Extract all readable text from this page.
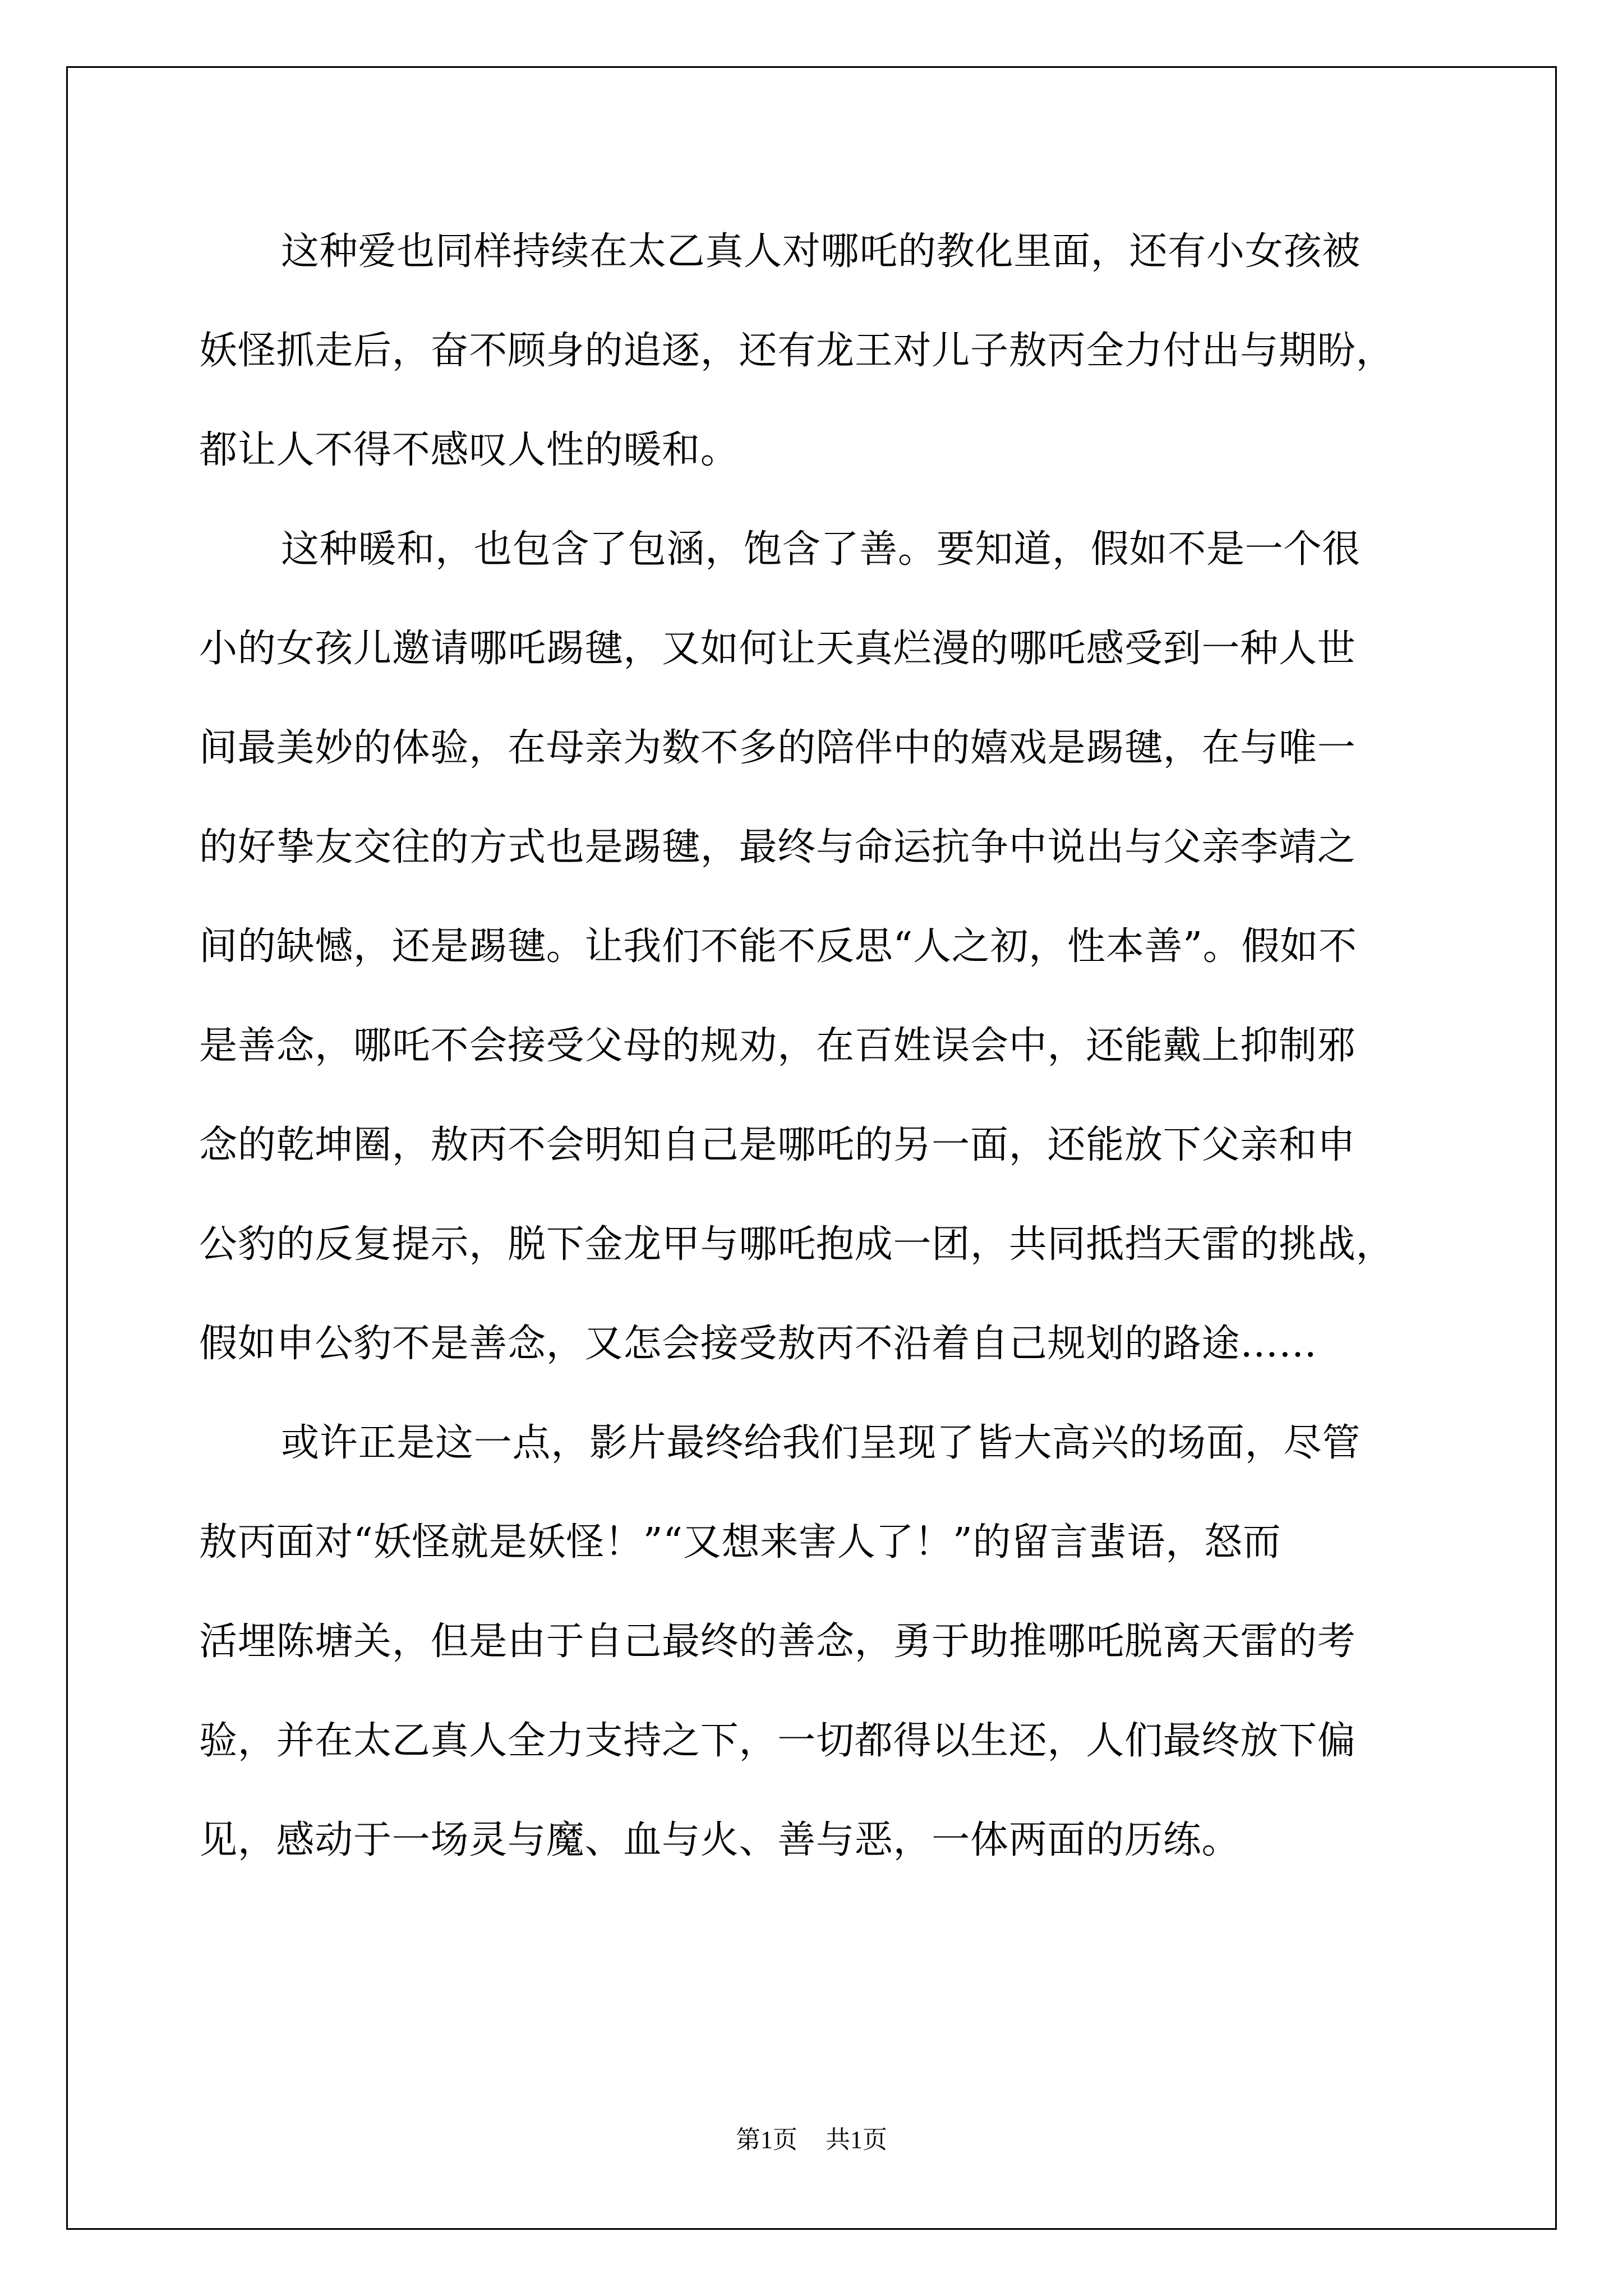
这种爱也同样持续在太乙真人对哪吒的教化里面，还有小女孩被
妖怪抓走后，奋不顾身的追逐，还有龙王对儿子敖丙全力付出与期盼，
都让人不得不感叹人性的暖和。
这种暖和，也包含了包涵，饱含了善。要知道，假如不是一个很
小的女孩儿邀请哪吒踢毽，又如何让天真烂漫的哪吒感受到一种人世
间最美妙的体验，在母亲为数不多的陪伴中的嬉戏是踢毽，在与唯一
的好挚友交往的方式也是踢毽，最终与命运抗争中说出与父亲李靖之
间的缺憾，还是踢毽。让我们不能不反思“人之初，性本善”。假如不
是善念，哪吒不会接受父母的规劝，在百姓误会中，还能戴上抑制邪
念的乾坤圈，敖丙不会明知自己是哪吒的另一面，还能放下父亲和申
公豹的反复提示，脱下金龙甲与哪吒抱成一团，共同抵挡天雷的挑战，
假如申公豹不是善念，又怎会接受敖丙不沿着自己规划的路途……
或许正是这一点，影片最终给我们呈现了皆大高兴的场面，尽管
敖丙面对“妖怪就是妖怪！”“又想来害人了！”的留言蜚语，怒而
活埋陈塘关，但是由于自己最终的善念，勇于助推哪吒脱离天雷的考
验，并在太乙真人全力支持之下，一切都得以生还，人们最终放下偏
见，感动于一场灵与魔、血与火、善与恶，一体两面的历练。
第1页 共1页
